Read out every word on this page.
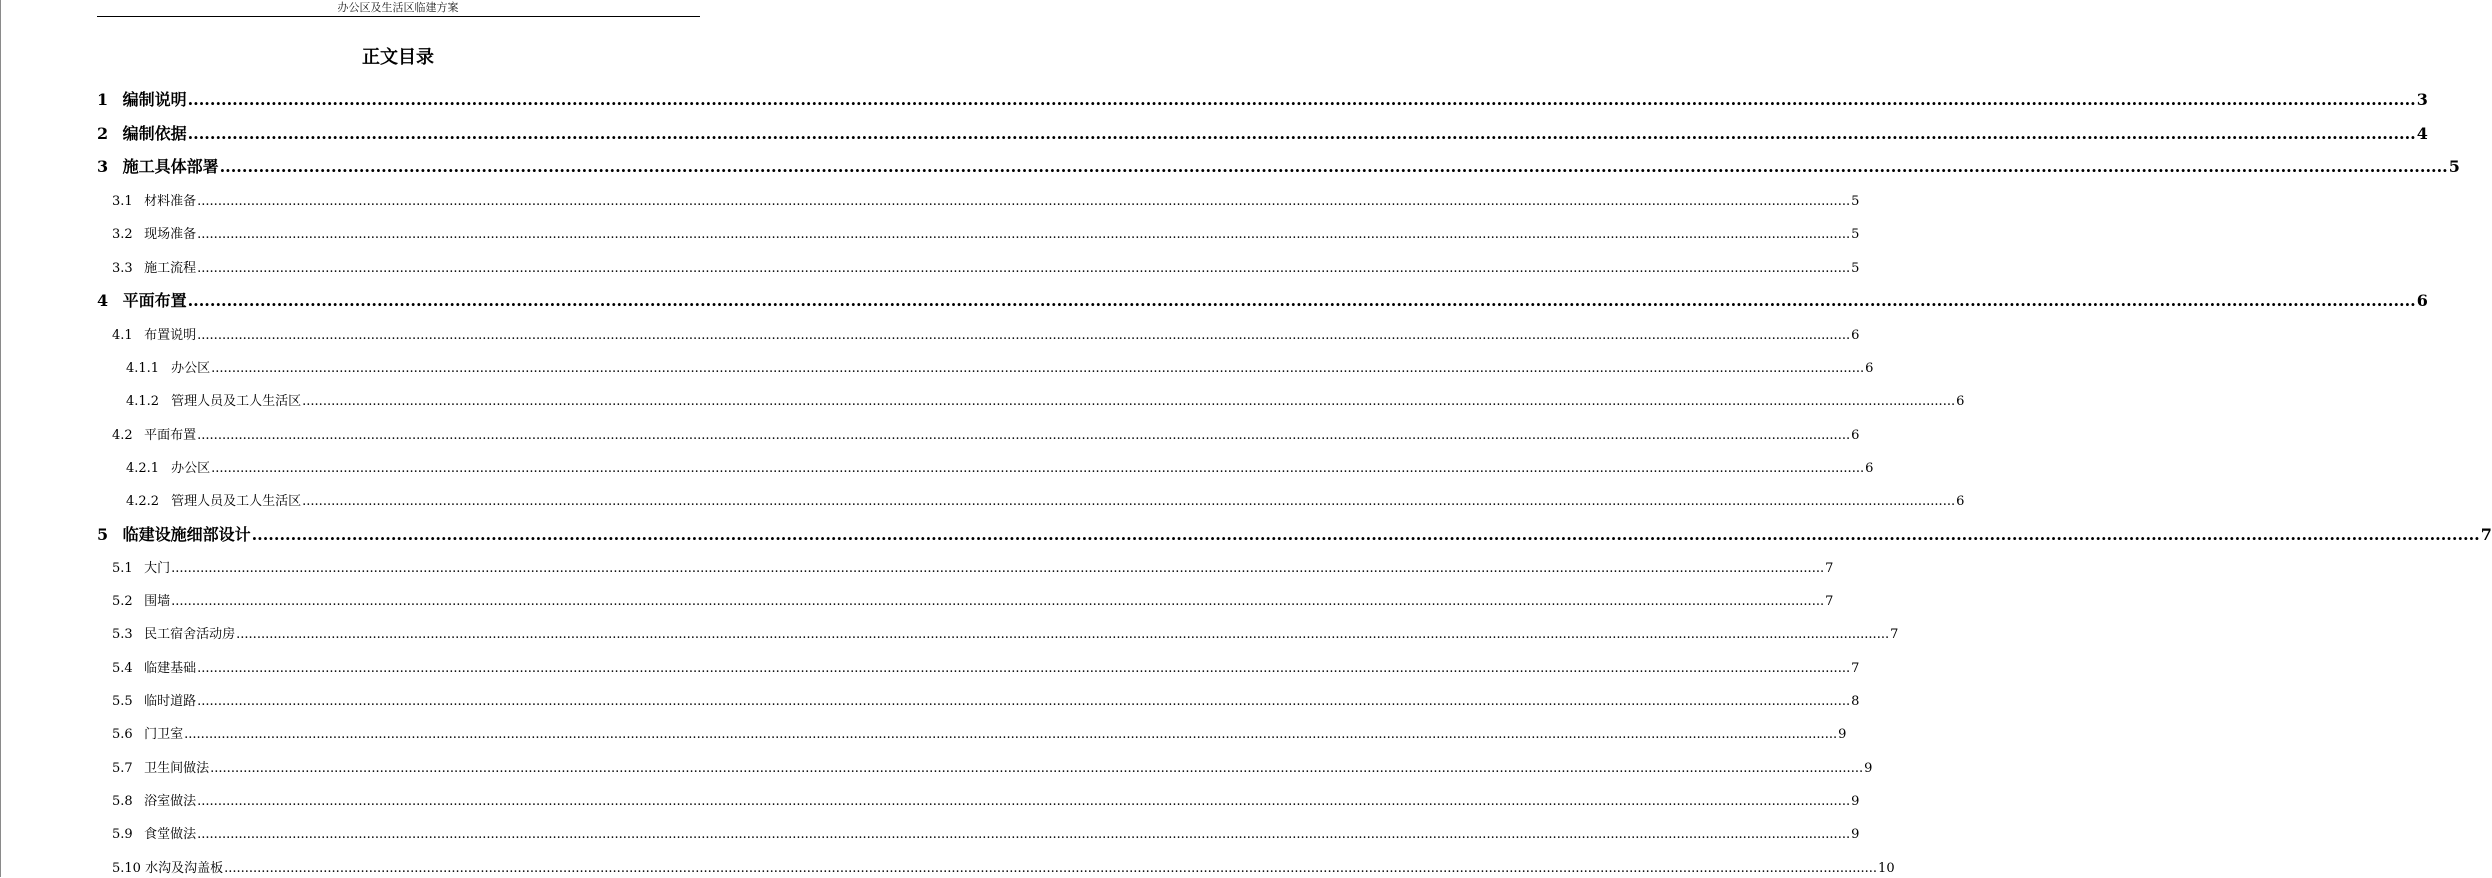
办公区及生活区临建方案
正文目录
1 编制说明 ................................................................................................................................................................................................................................................................................................................................................................................................................ 3
2 编制依据 ................................................................................................................................................................................................................................................................................................................................................................................................................ 4
3 施工具体部署 ................................................................................................................................................................................................................................................................................................................................................................................................................ 5
3.1 材料准备 ................................................................................................................................................................................................................................................................................................................................................................................................................ 5
3.2 现场准备 ................................................................................................................................................................................................................................................................................................................................................................................................................ 5
3.3 施工流程 ................................................................................................................................................................................................................................................................................................................................................................................................................ 5
4 平面布置 ................................................................................................................................................................................................................................................................................................................................................................................................................ 6
4.1 布置说明 ................................................................................................................................................................................................................................................................................................................................................................................................................ 6
4.1.1 办公区 ................................................................................................................................................................................................................................................................................................................................................................................................................ 6
4.1.2 管理人员及工人生活区 ................................................................................................................................................................................................................................................................................................................................................................................................................ 6
4.2 平面布置 ................................................................................................................................................................................................................................................................................................................................................................................................................ 6
4.2.1 办公区 ................................................................................................................................................................................................................................................................................................................................................................................................................ 6
4.2.2 管理人员及工人生活区 ................................................................................................................................................................................................................................................................................................................................................................................................................ 6
5 临建设施细部设计 ................................................................................................................................................................................................................................................................................................................................................................................................................ 7
5.1 大门 ................................................................................................................................................................................................................................................................................................................................................................................................................ 7
5.2 围墙 ................................................................................................................................................................................................................................................................................................................................................................................................................ 7
5.3 民工宿舍活动房 ................................................................................................................................................................................................................................................................................................................................................................................................................ 7
5.4 临建基础 ................................................................................................................................................................................................................................................................................................................................................................................................................ 7
5.5 临时道路 ................................................................................................................................................................................................................................................................................................................................................................................................................ 8
5.6 门卫室 ................................................................................................................................................................................................................................................................................................................................................................................................................ 9
5.7 卫生间做法 ................................................................................................................................................................................................................................................................................................................................................................................................................ 9
5.8 浴室做法 ................................................................................................................................................................................................................................................................................................................................................................................................................ 9
5.9 食堂做法 ................................................................................................................................................................................................................................................................................................................................................................................................................ 9
5.10 水沟及沟盖板 ................................................................................................................................................................................................................................................................................................................................................................................................................ 10
